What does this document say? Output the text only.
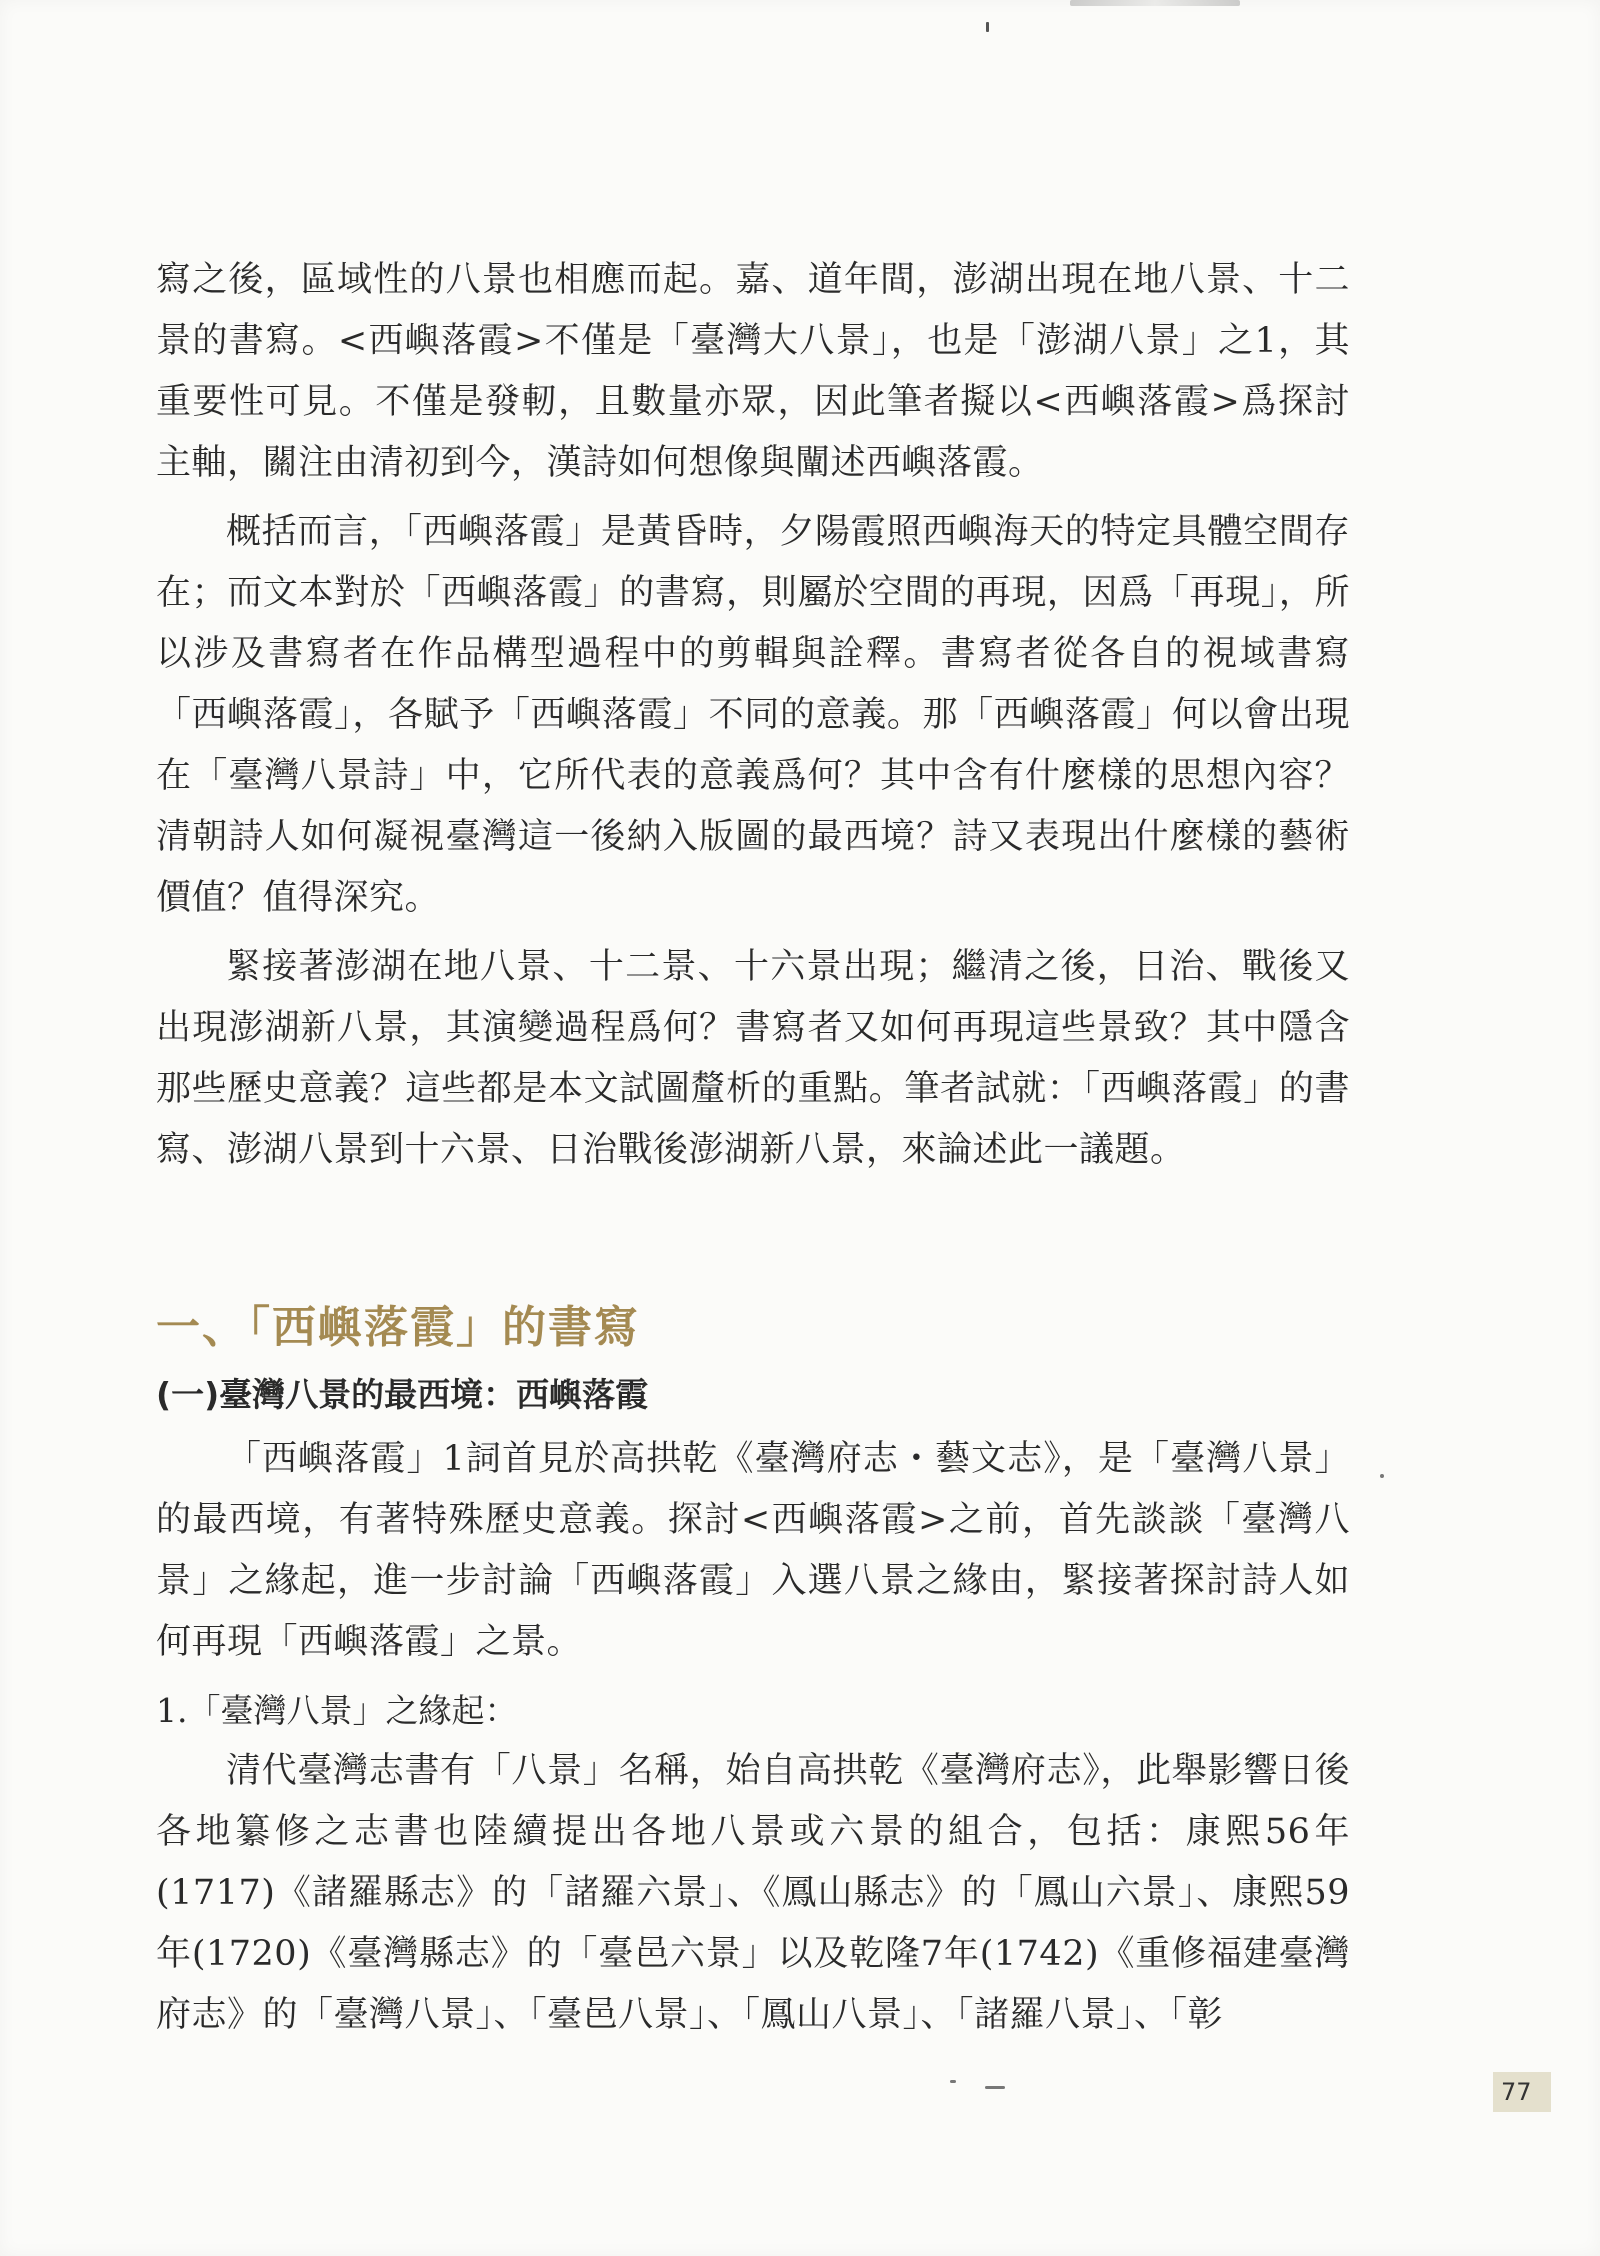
寫之後，區域性的八景也相應而起。嘉、道年間，澎湖出現在地八景、十二景的書寫。<西嶼落霞>不僅是「臺灣大八景」，也是「澎湖八景」之1，其重要性可見。不僅是發軔，且數量亦眾，因此筆者擬以<西嶼落霞>爲探討主軸，關注由清初到今，漢詩如何想像與闡述西嶼落霞。

概括而言，「西嶼落霞」是黃昏時，夕陽霞照西嶼海天的特定具體空間存在；而文本對於「西嶼落霞」的書寫，則屬於空間的再現，因爲「再現」，所以涉及書寫者在作品構型過程中的剪輯與詮釋。書寫者從各自的視域書寫「西嶼落霞」，各賦予「西嶼落霞」不同的意義。那「西嶼落霞」何以會出現在「臺灣八景詩」中，它所代表的意義爲何？其中含有什麼樣的思想內容？清朝詩人如何凝視臺灣這一後納入版圖的最西境？詩又表現出什麼樣的藝術價值？值得深究。

緊接著澎湖在地八景、十二景、十六景出現；繼清之後，日治、戰後又出現澎湖新八景，其演變過程爲何？書寫者又如何再現這些景致？其中隱含那些歷史意義？這些都是本文試圖釐析的重點。筆者試就：「西嶼落霞」的書寫、澎湖八景到十六景、日治戰後澎湖新八景，來論述此一議題。

一、「西嶼落霞」的書寫
(一)臺灣八景的最西境：西嶼落霞

「西嶼落霞」1詞首見於高拱乾《臺灣府志・藝文志》，是「臺灣八景」的最西境，有著特殊歷史意義。探討<西嶼落霞>之前，首先談談「臺灣八景」之緣起，進一步討論「西嶼落霞」入選八景之緣由，緊接著探討詩人如何再現「西嶼落霞」之景。

1.「臺灣八景」之緣起：

清代臺灣志書有「八景」名稱，始自高拱乾《臺灣府志》，此舉影響日後各地纂修之志書也陸續提出各地八景或六景的組合，包括：康熙56年(1717)《諸羅縣志》的「諸羅六景」、《鳳山縣志》的「鳳山六景」、康熙59年(1720)《臺灣縣志》的「臺邑六景」以及乾隆7年(1742)《重修福建臺灣府志》的「臺灣八景」、「臺邑八景」、「鳳山八景」、「諸羅八景」、「彰

77
